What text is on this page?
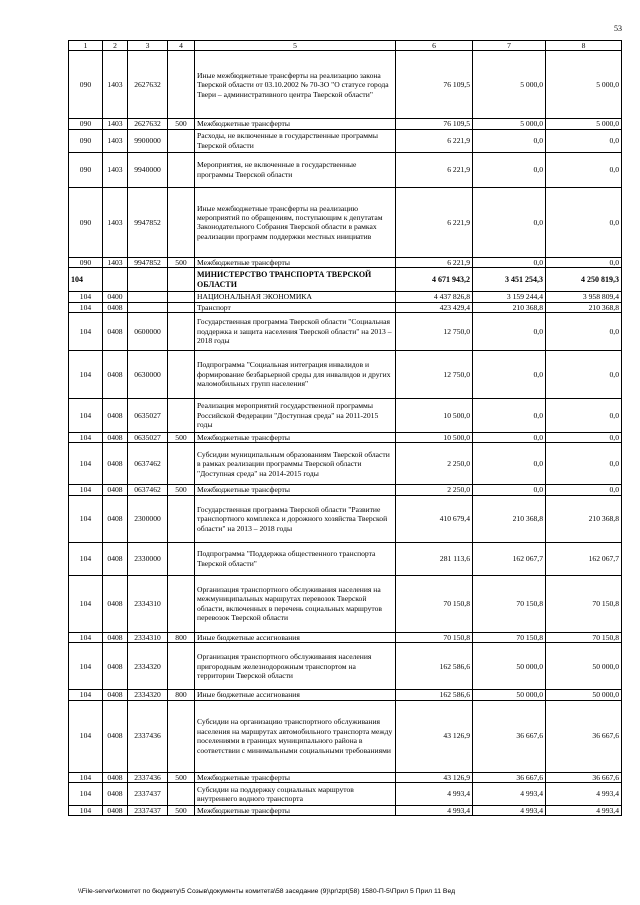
53
1	2	3	4	5	6	7	8
090	1403	2627632		Иные межбюджетные трансферты на реализацию закона Тверской области от 03.10.2002 № 70-ЗО "О статусе города Твери – административного центра Тверской области"	76 109,5	5 000,0	5 000,0
090	1403	2627632	500	Межбюджетные трансферты	76 109,5	5 000,0	5 000,0
090	1403	9900000		Расходы, не включенные в государственные программы Тверской области	6 221,9	0,0	0,0
090	1403	9940000		Мероприятия, не включенные в государственные программы Тверской области	6 221,9	0,0	0,0
090	1403	9947852		Иные межбюджетные трансферты на реализацию мероприятий по обращениям, поступающим к депутатам Законодательного Собрания Тверской области в рамках реализации программ поддержки местных инициатив	6 221,9	0,0	0,0
090	1403	9947852	500	Межбюджетные трансферты	6 221,9	0,0	0,0
104				МИНИСТЕРСТВО ТРАНСПОРТА ТВЕРСКОЙ ОБЛАСТИ	4 671 943,2	3 451 254,3	4 250 819,3
104	0400			НАЦИОНАЛЬНАЯ ЭКОНОМИКА	4 437 826,8	3 159 244,4	3 958 809,4
104	0408			Транспорт	423 429,4	210 368,8	210 368,8
104	0408	0600000		Государственная программа Тверской области "Социальная поддержка и защита населения Тверской области" на 2013 – 2018 годы	12 750,0	0,0	0,0
104	0408	0630000		Подпрограмма "Социальная интеграция инвалидов и формирование безбарьерной среды для инвалидов и других маломобильных групп населения"	12 750,0	0,0	0,0
104	0408	0635027		Реализация мероприятий государственной программы Российской Федерации "Доступная среда" на 2011-2015 годы	10 500,0	0,0	0,0
104	0408	0635027	500	Межбюджетные трансферты	10 500,0	0,0	0,0
104	0408	0637462		Субсидии муниципальным образованиям Тверской области в рамках реализации программы Тверской области "Доступная среда" на 2014-2015 годы	2 250,0	0,0	0,0
104	0408	0637462	500	Межбюджетные трансферты	2 250,0	0,0	0,0
104	0408	2300000		Государственная программа Тверской области "Развитие транспортного комплекса и дорожного хозяйства Тверской области" на 2013 – 2018 годы	410 679,4	210 368,8	210 368,8
104	0408	2330000		Подпрограмма "Поддержка общественного транспорта Тверской области"	281 113,6	162 067,7	162 067,7
104	0408	2334310		Организация транспортного обслуживания населения на межмуниципальных маршрутах перевозок Тверской области, включенных в перечень социальных маршрутов перевозок Тверской области	70 150,8	70 150,8	70 150,8
104	0408	2334310	800	Иные бюджетные ассигнования	70 150,8	70 150,8	70 150,8
104	0408	2334320		Организация транспортного обслуживания населения пригородным железнодорожным транспортом на территории Тверской области	162 586,6	50 000,0	50 000,0
104	0408	2334320	800	Иные бюджетные ассигнования	162 586,6	50 000,0	50 000,0
104	0408	2337436		Субсидии на организацию транспортного обслуживания населения на маршрутах автомобильного транспорта между поселениями в границах муниципального района в соответствии с минимальными социальными требованиями	43 126,9	36 667,6	36 667,6
104	0408	2337436	500	Межбюджетные трансферты	43 126,9	36 667,6	36 667,6
104	0408	2337437		Субсидии на поддержку социальных маршрутов внутреннего водного транспорта	4 993,4	4 993,4	4 993,4
104	0408	2337437	500	Межбюджетные трансферты	4 993,4	4 993,4	4 993,4
\\File-server\комитет по бюджету\5 Созыв\документы комитета\58 заседание (9)\pr\zpt(58) 1580-П-5\Прил 5 Прил 11 Вед
